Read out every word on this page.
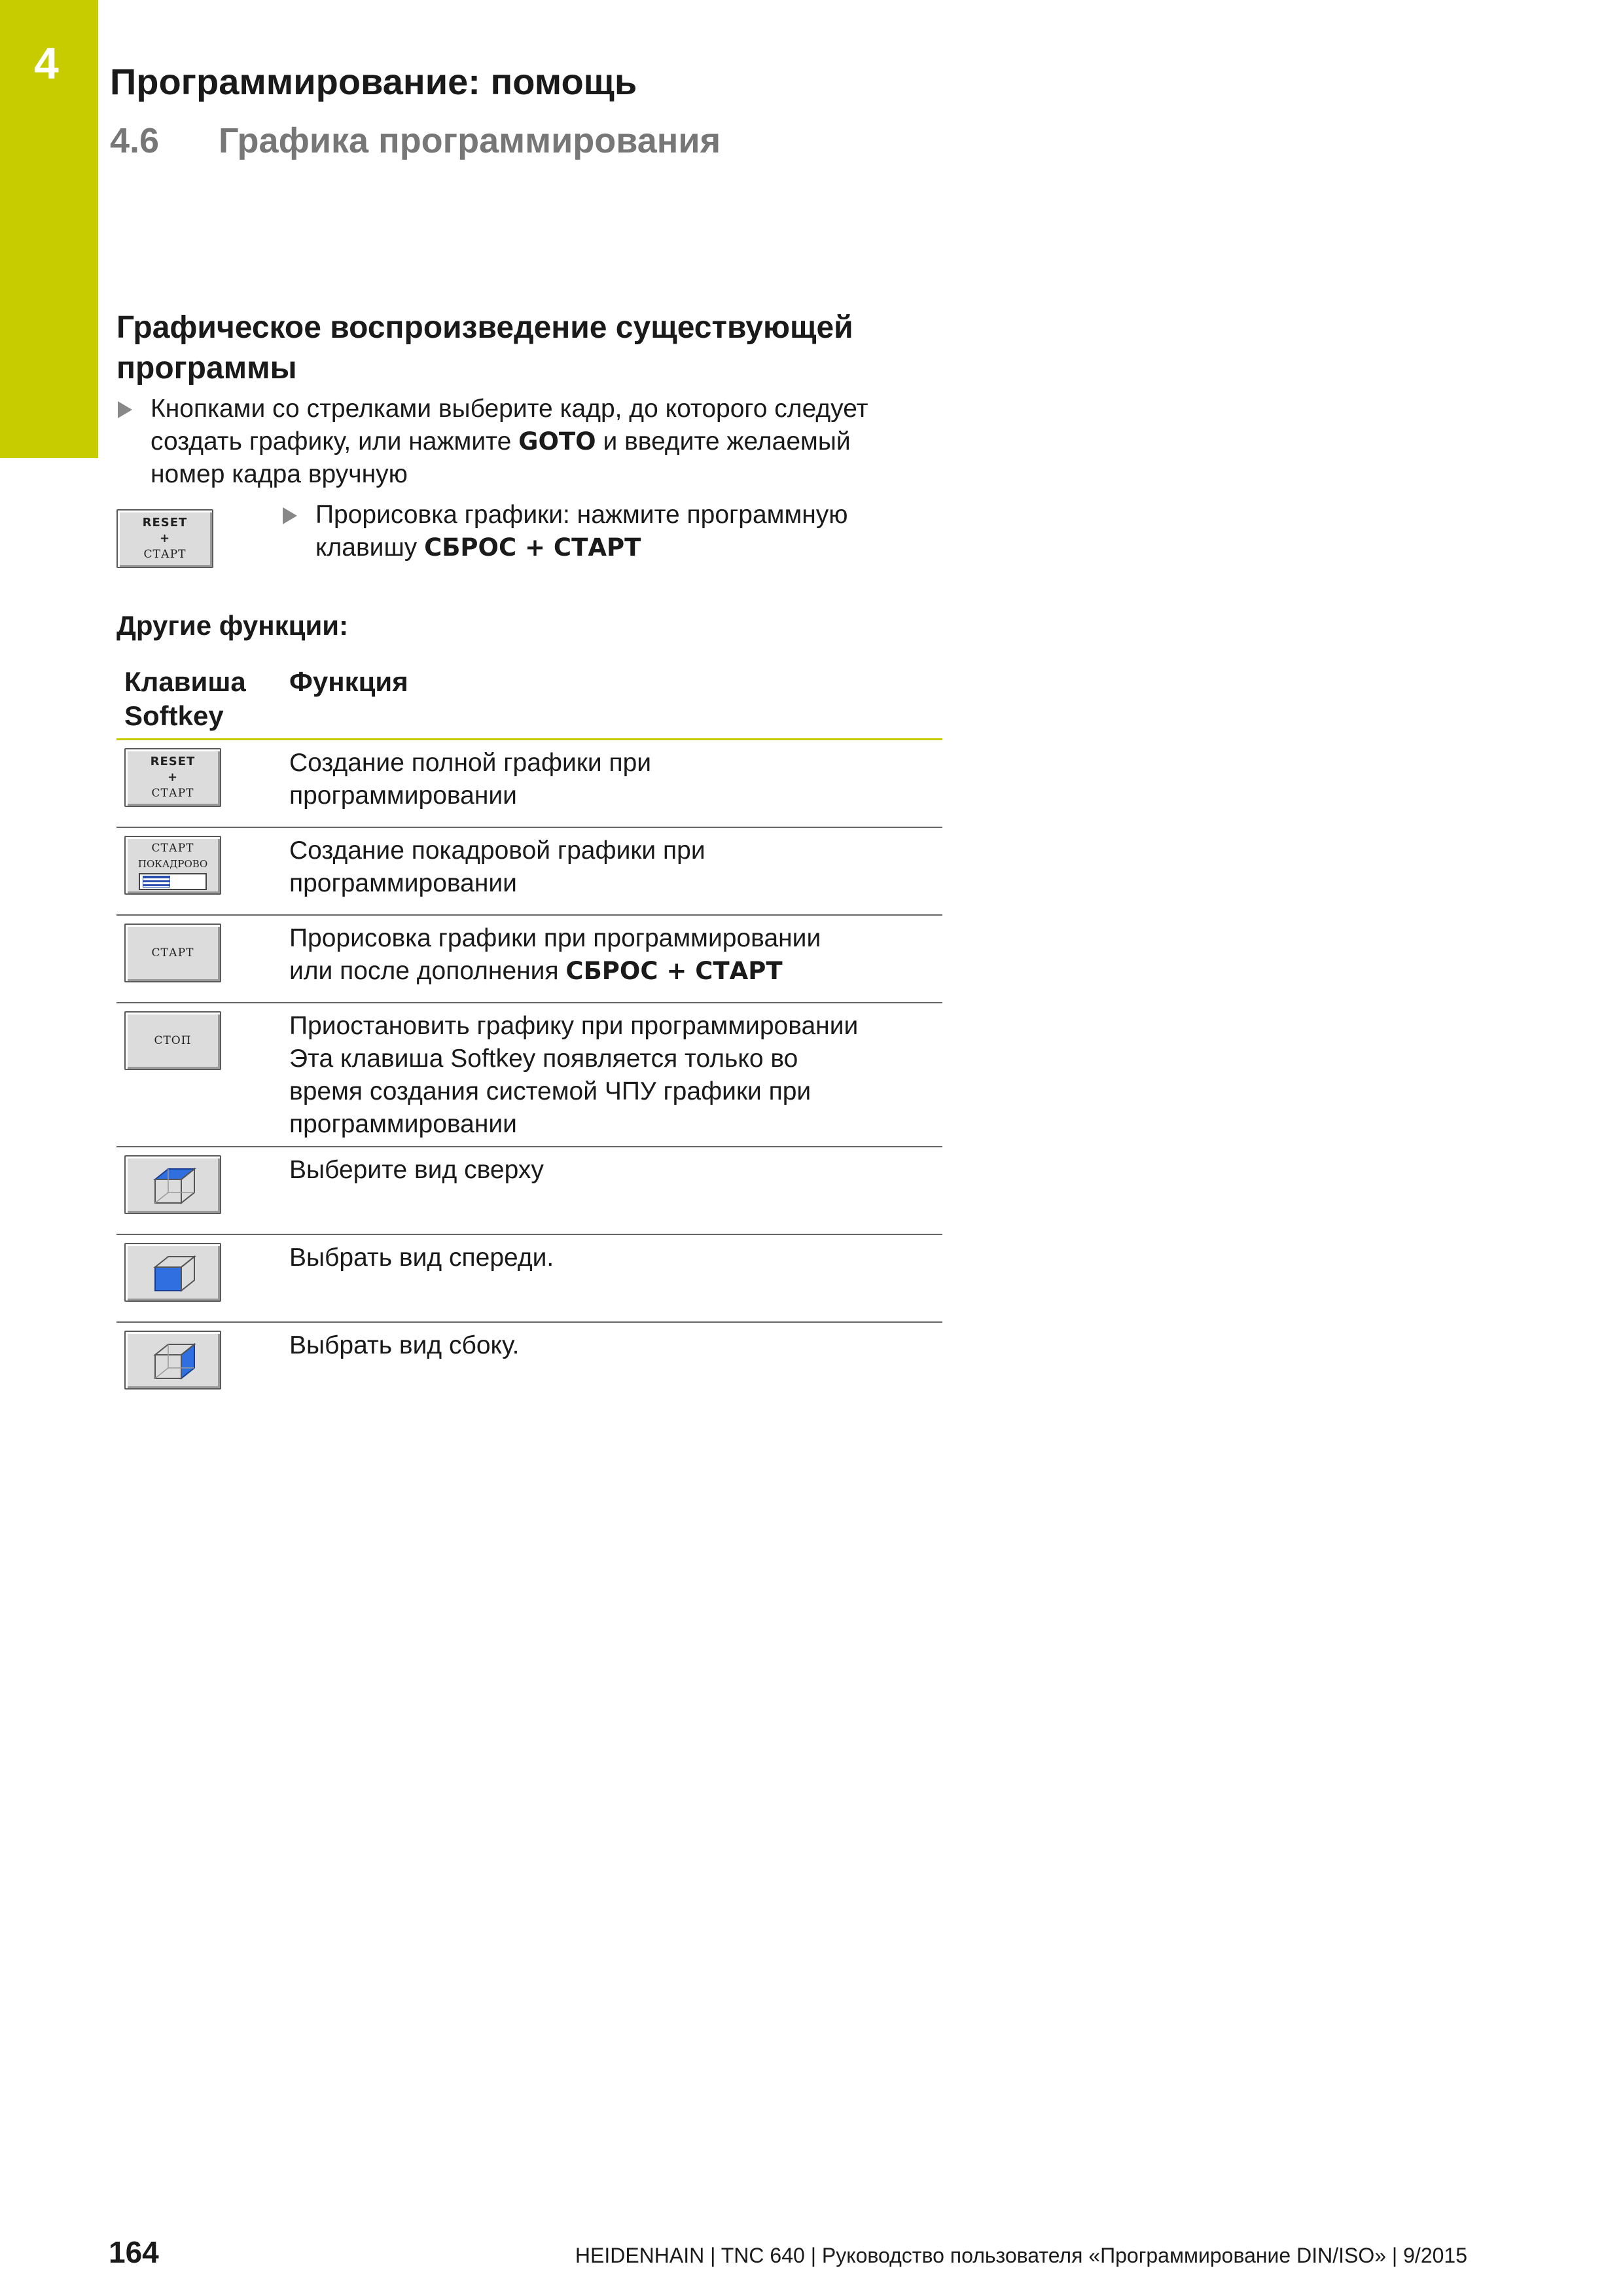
4 Программирование: помощь
4.6 Графика программирования
Графическое воспроизведение существующей
программы
Кнопками со стрелками выберите кадр, до которого следует
создать графику, или нажмите GOTO и введите желаемый
номер кадра вручную
RESET
+
СТАРТ
Прорисовка графики: нажмите программную
клавишу СБРОС + СТАРТ
Другие функции:
Клавиша
Softkey
Функция
RESET
+
СТАРТ
Создание полной графики при
программировании
СТАРТ
ПОКАДРОВО	Создание покадровой графики при
программировании
СТАРТ
Прорисовка графики при программировании
или после дополнения СБРОС + СТАРТ
СТОП
Приостановить графику при программировании
Эта клавиша Softkey появляется только во
время создания системой ЧПУ графики при
программировании
Выберите вид сверху
Выбрать вид спереди.
Выбрать вид сбоку.
164	HEIDENHAIN | TNC 640 | Руководство пользователя «Программирование DIN/ISO» | 9/2015
